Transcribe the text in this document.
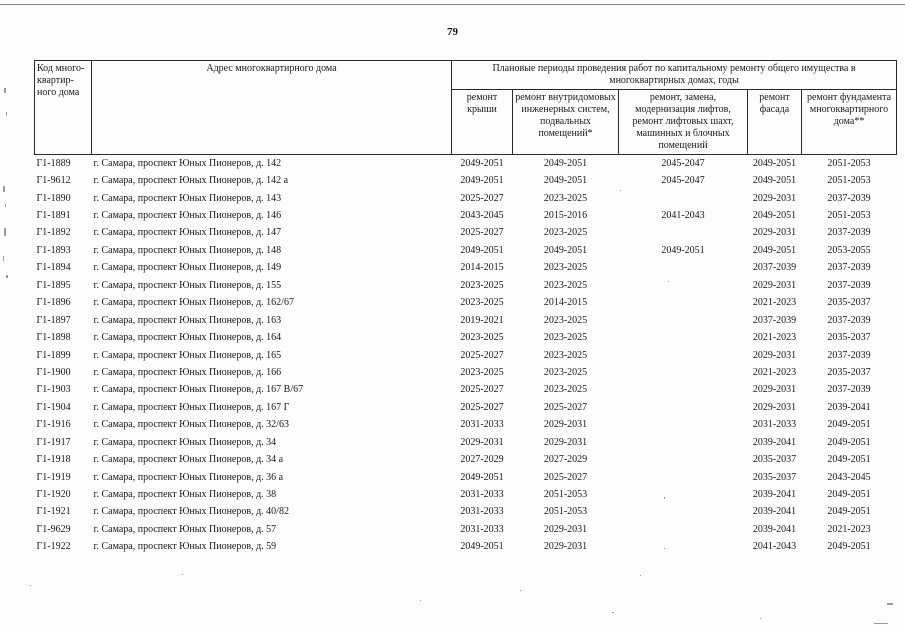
79
Код много-квартир-ного дома	Адрес многоквартирного дома	Плановые периоды проведения работ по капитальному ремонту общего имущества в многоквартирных домах, годы				
		ремонт крыши	ремонт внутридомовых инженерных систем, подвальных помещений*	ремонт, замена, модернизация лифтов, ремонт лифтовых шахт, машинных и блочных помещений	ремонт фасада	ремонт фундамента многоквартирного дома**
Г1-1889	г. Самара, проспект Юных Пионеров, д. 142	2049-2051	2049-2051	2045-2047	2049-2051	2051-2053
Г1-9612	г. Самара, проспект Юных Пионеров, д. 142 а	2049-2051	2049-2051	2045-2047	2049-2051	2051-2053
Г1-1890	г. Самара, проспект Юных Пионеров, д. 143	2025-2027	2023-2025		2029-2031	2037-2039
Г1-1891	г. Самара, проспект Юных Пионеров, д. 146	2043-2045	2015-2016	2041-2043	2049-2051	2051-2053
Г1-1892	г. Самара, проспект Юных Пионеров, д. 147	2025-2027	2023-2025		2029-2031	2037-2039
Г1-1893	г. Самара, проспект Юных Пионеров, д. 148	2049-2051	2049-2051	2049-2051	2049-2051	2053-2055
Г1-1894	г. Самара, проспект Юных Пионеров, д. 149	2014-2015	2023-2025		2037-2039	2037-2039
Г1-1895	г. Самара, проспект Юных Пионеров, д. 155	2023-2025	2023-2025		2029-2031	2037-2039
Г1-1896	г. Самара, проспект Юных Пионеров, д. 162/67	2023-2025	2014-2015		2021-2023	2035-2037
Г1-1897	г. Самара, проспект Юных Пионеров, д. 163	2019-2021	2023-2025		2037-2039	2037-2039
Г1-1898	г. Самара, проспект Юных Пионеров, д. 164	2023-2025	2023-2025		2021-2023	2035-2037
Г1-1899	г. Самара, проспект Юных Пионеров, д. 165	2025-2027	2023-2025		2029-2031	2037-2039
Г1-1900	г. Самара, проспект Юных Пионеров, д. 166	2023-2025	2023-2025		2021-2023	2035-2037
Г1-1903	г. Самара, проспект Юных Пионеров, д. 167 В/67	2025-2027	2023-2025		2029-2031	2037-2039
Г1-1904	г. Самара, проспект Юных Пионеров, д. 167 Г	2025-2027	2025-2027		2029-2031	2039-2041
Г1-1916	г. Самара, проспект Юных Пионеров, д. 32/63	2031-2033	2029-2031		2031-2033	2049-2051
Г1-1917	г. Самара, проспект Юных Пионеров, д. 34	2029-2031	2029-2031		2039-2041	2049-2051
Г1-1918	г. Самара, проспект Юных Пионеров, д. 34 а	2027-2029	2027-2029		2035-2037	2049-2051
Г1-1919	г. Самара, проспект Юных Пионеров, д. 36 а	2049-2051	2025-2027		2035-2037	2043-2045
Г1-1920	г. Самара, проспект Юных Пионеров, д. 38	2031-2033	2051-2053		2039-2041	2049-2051
Г1-1921	г. Самара, проспект Юных Пионеров, д. 40/82	2031-2033	2051-2053		2039-2041	2049-2051
Г1-9629	г. Самара, проспект Юных Пионеров, д. 57	2031-2033	2029-2031		2039-2041	2021-2023
Г1-1922	г. Самара, проспект Юных Пионеров, д. 59	2049-2051	2029-2031		2041-2043	2049-2051
